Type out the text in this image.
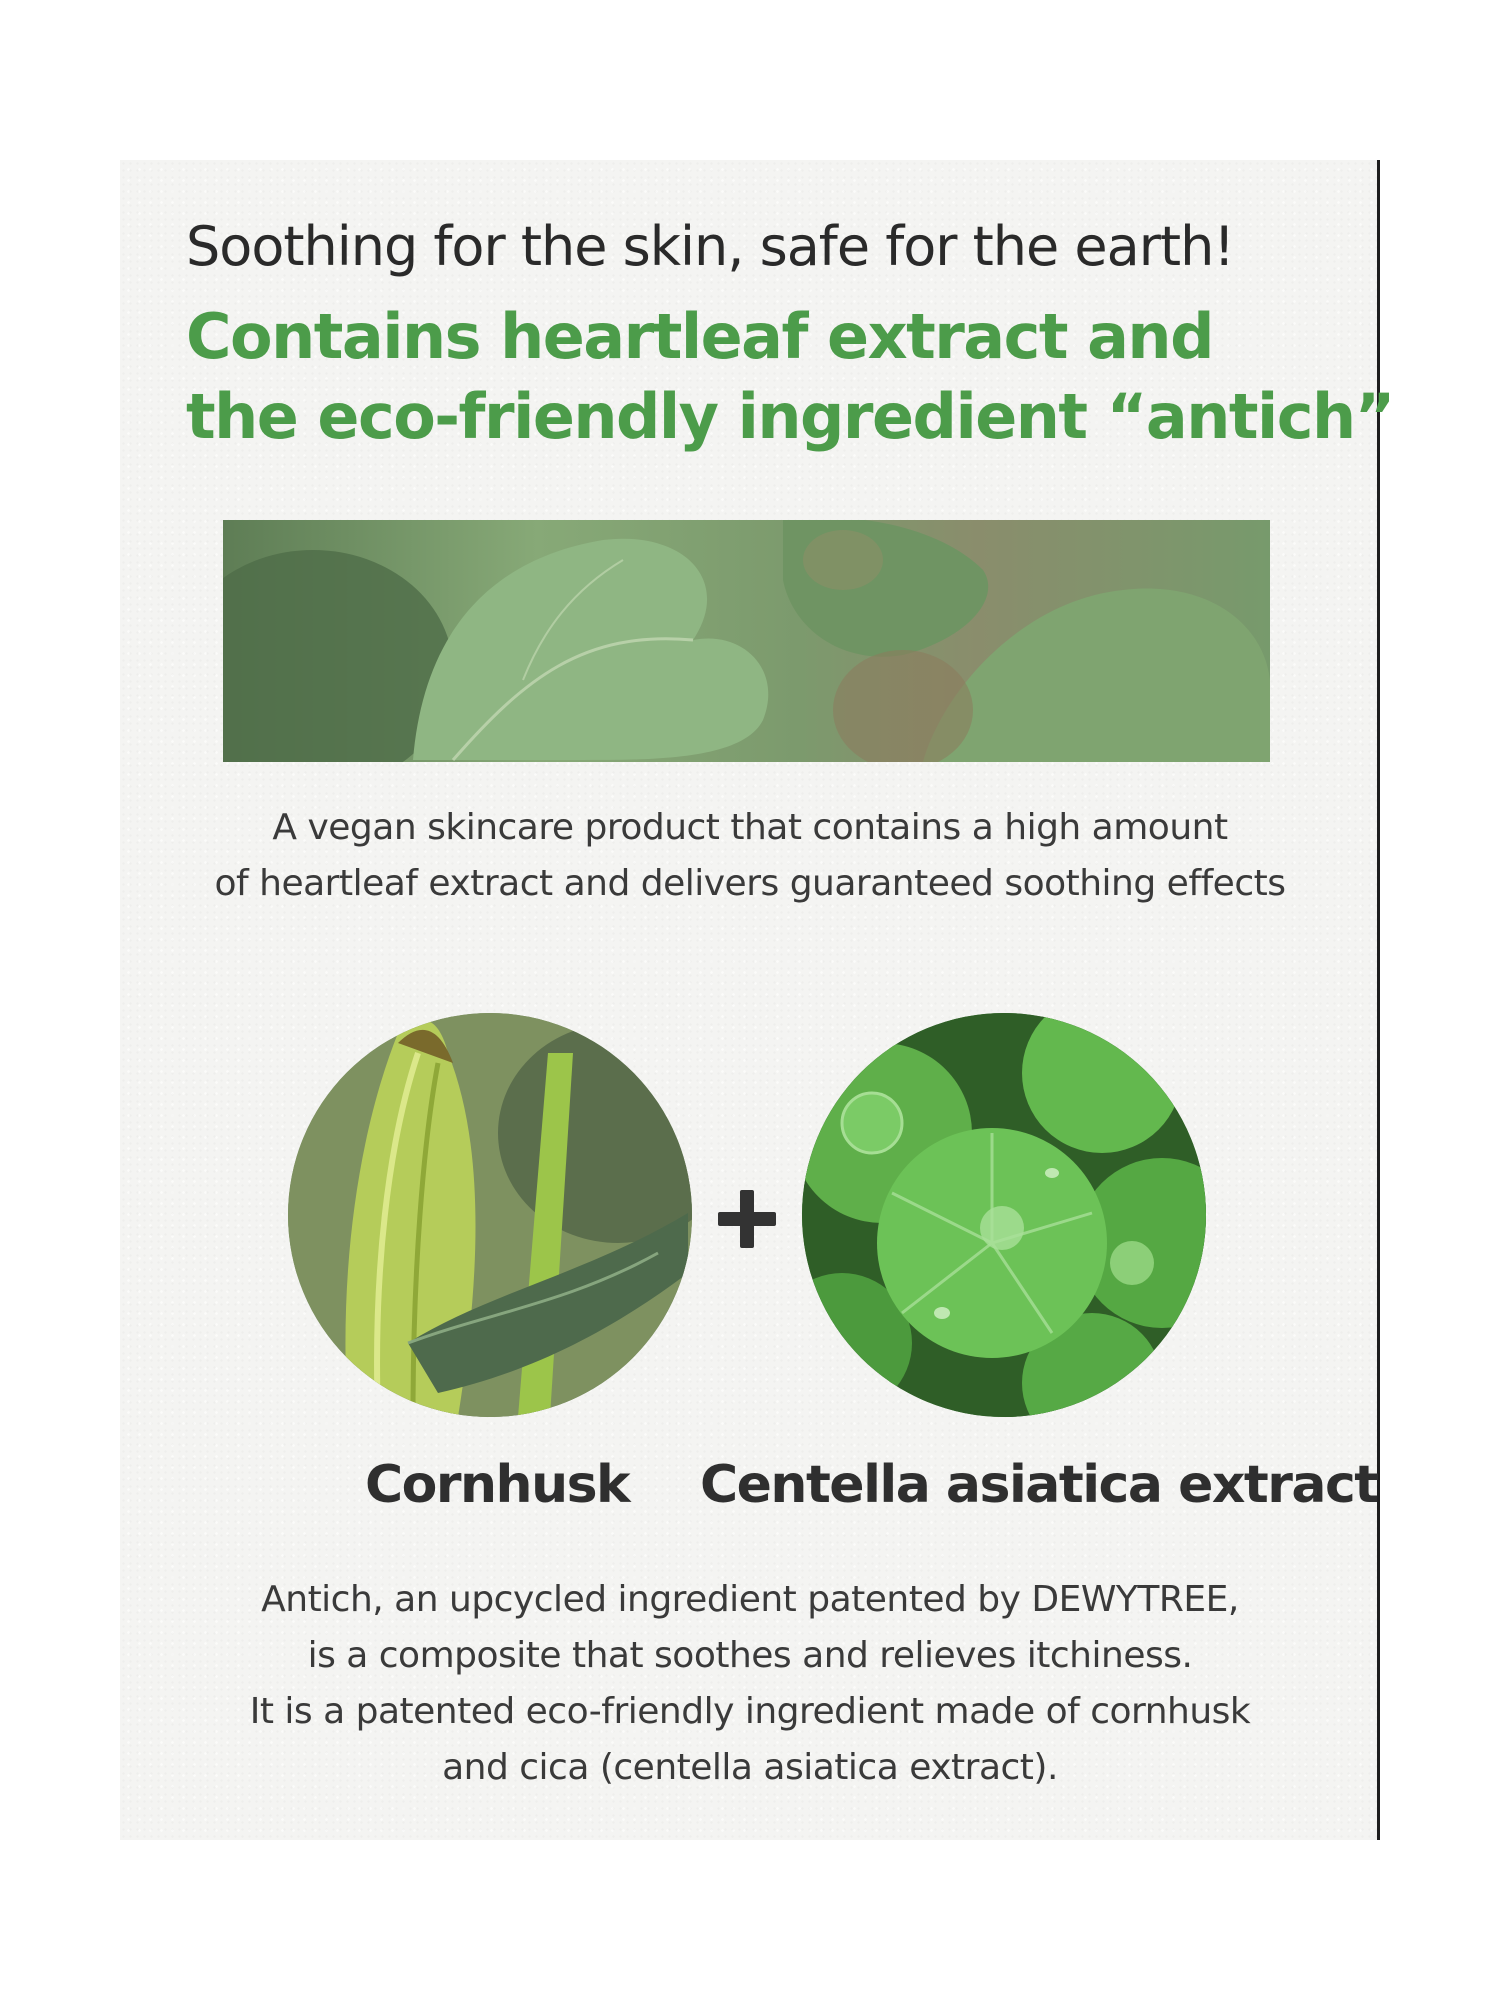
Soothing for the skin, safe for the earth!
Contains heartleaf extract and
the eco-friendly ingredient “antich”

A vegan skincare product that contains a high amount
of heartleaf extract and delivers guaranteed soothing effects

Cornhusk Centella asiatica extract

Antich, an upcycled ingredient patented by DEWYTREE,
is a composite that soothes and relieves itchiness.
It is a patented eco-friendly ingredient made of cornhusk
and cica (centella asiatica extract).
